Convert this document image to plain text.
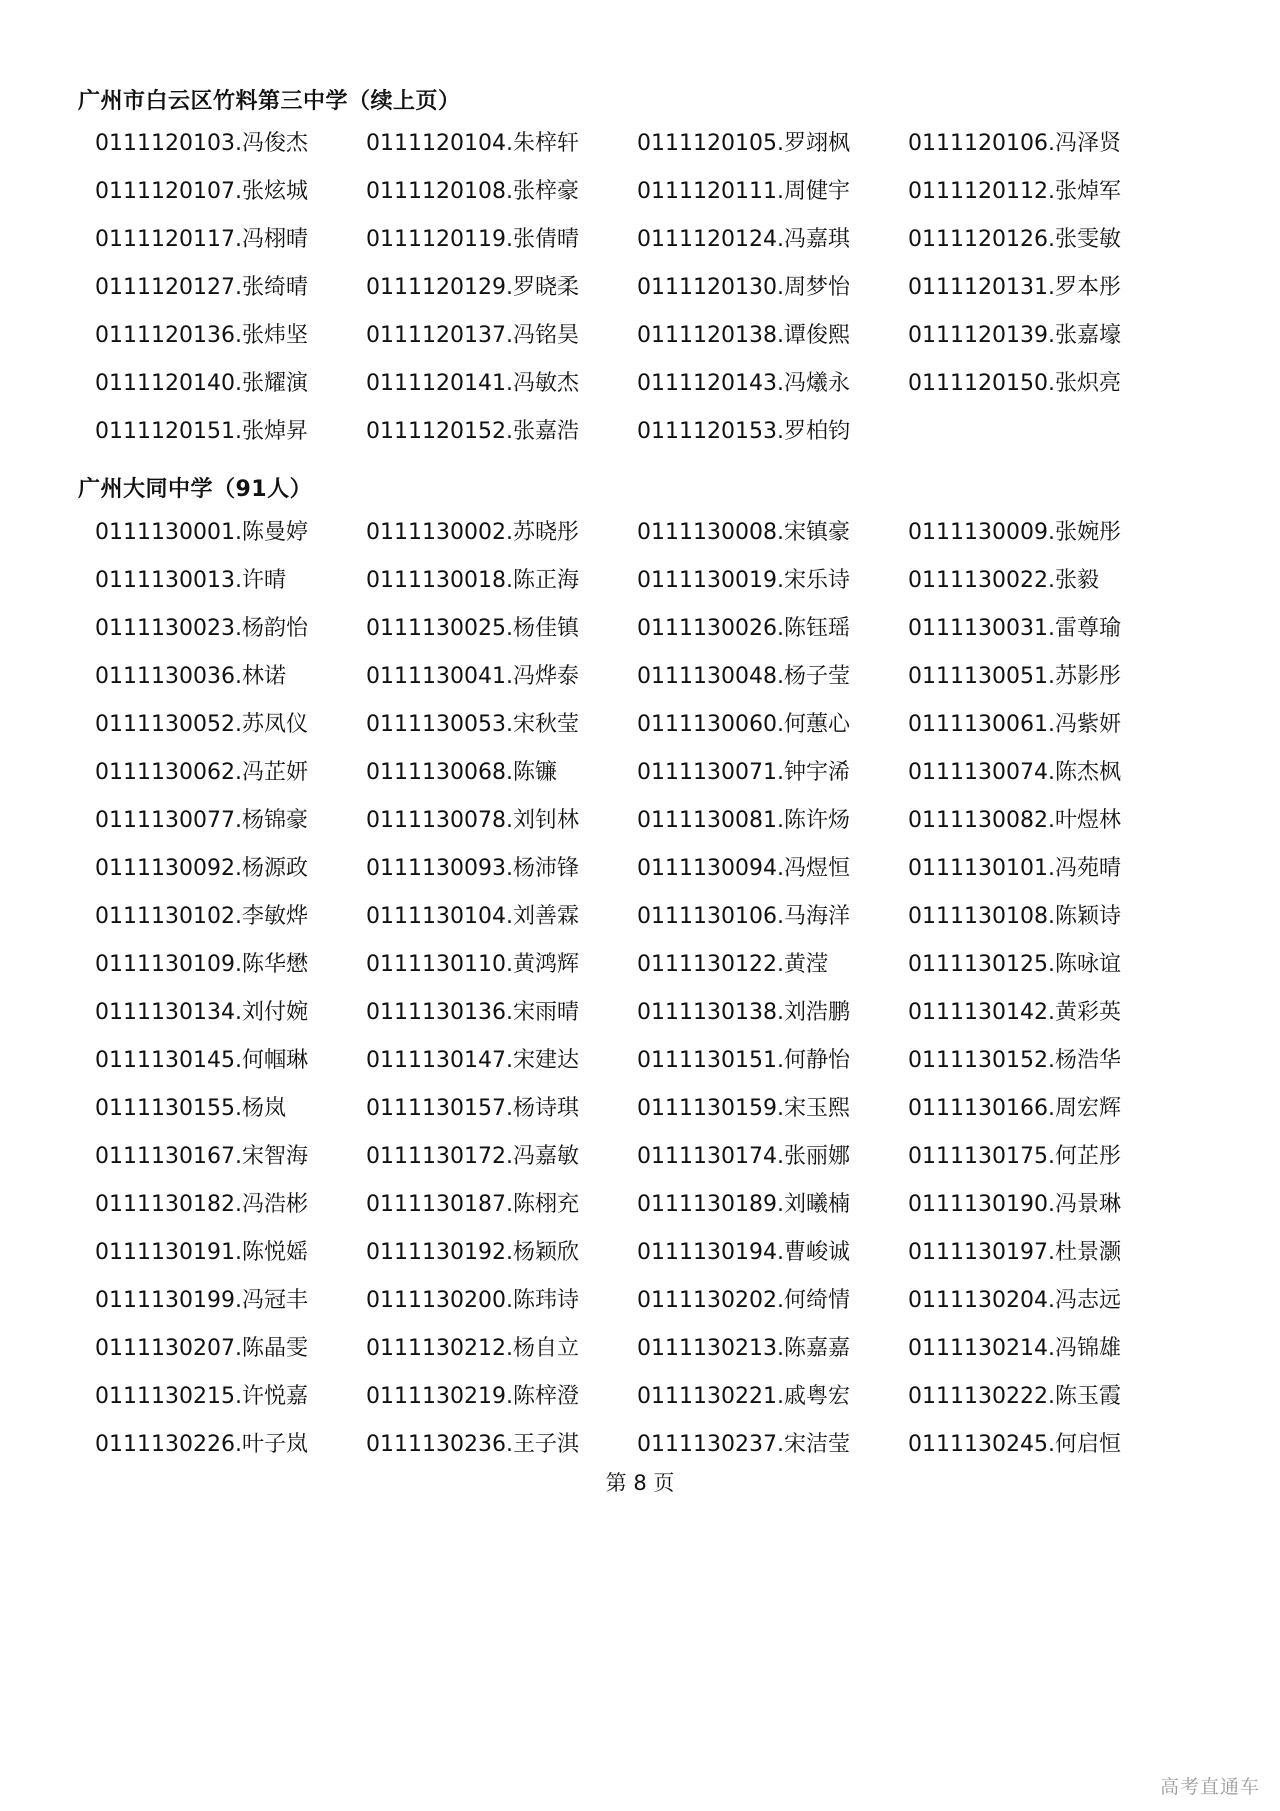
广州市白云区竹料第三中学（续上页）
0111120103.冯俊杰	0111120104.朱梓轩	0111120105.罗翊枫	0111120106.冯泽贤
0111120107.张炫城	0111120108.张梓豪	0111120111.周健宇	0111120112.张焯军
0111120117.冯栩晴	0111120119.张倩晴	0111120124.冯嘉琪	0111120126.张雯敏
0111120127.张绮晴	0111120129.罗晓柔	0111120130.周梦怡	0111120131.罗本彤
0111120136.张炜坚	0111120137.冯铭昊	0111120138.谭俊熙	0111120139.张嘉壕
0111120140.张耀演	0111120141.冯敏杰	0111120143.冯爔永	0111120150.张炽亮
0111120151.张焯昇	0111120152.张嘉浩	0111120153.罗柏钧
广州大同中学（91人）
0111130001.陈曼婷	0111130002.苏晓彤	0111130008.宋镇豪	0111130009.张婉彤
0111130013.许晴	0111130018.陈正海	0111130019.宋乐诗	0111130022.张毅
0111130023.杨韵怡	0111130025.杨佳镇	0111130026.陈钰瑶	0111130031.雷尊瑜
0111130036.林诺	0111130041.冯烨泰	0111130048.杨子莹	0111130051.苏影彤
0111130052.苏凤仪	0111130053.宋秋莹	0111130060.何蕙心	0111130061.冯紫妍
0111130062.冯芷妍	0111130068.陈镰	0111130071.钟宇浠	0111130074.陈杰枫
0111130077.杨锦豪	0111130078.刘钊林	0111130081.陈许炀	0111130082.叶煜林
0111130092.杨源政	0111130093.杨沛锋	0111130094.冯煜恒	0111130101.冯苑晴
0111130102.李敏烨	0111130104.刘善霖	0111130106.马海洋	0111130108.陈颖诗
0111130109.陈华懋	0111130110.黄鸿辉	0111130122.黄滢	0111130125.陈咏谊
0111130134.刘付婉	0111130136.宋雨晴	0111130138.刘浩鹏	0111130142.黄彩英
0111130145.何帼琳	0111130147.宋建达	0111130151.何静怡	0111130152.杨浩华
0111130155.杨岚	0111130157.杨诗琪	0111130159.宋玉熙	0111130166.周宏辉
0111130167.宋智海	0111130172.冯嘉敏	0111130174.张丽娜	0111130175.何芷彤
0111130182.冯浩彬	0111130187.陈栩充	0111130189.刘曦楠	0111130190.冯景琳
0111130191.陈悦媱	0111130192.杨颖欣	0111130194.曹峻诚	0111130197.杜景灏
0111130199.冯冠丰	0111130200.陈玮诗	0111130202.何绮情	0111130204.冯志远
0111130207.陈晶雯	0111130212.杨自立	0111130213.陈嘉嘉	0111130214.冯锦雄
0111130215.许悦嘉	0111130219.陈梓澄	0111130221.戚粤宏	0111130222.陈玉霞
0111130226.叶子岚	0111130236.王子淇	0111130237.宋洁莹	0111130245.何启恒
第 8 页
高考直通车
